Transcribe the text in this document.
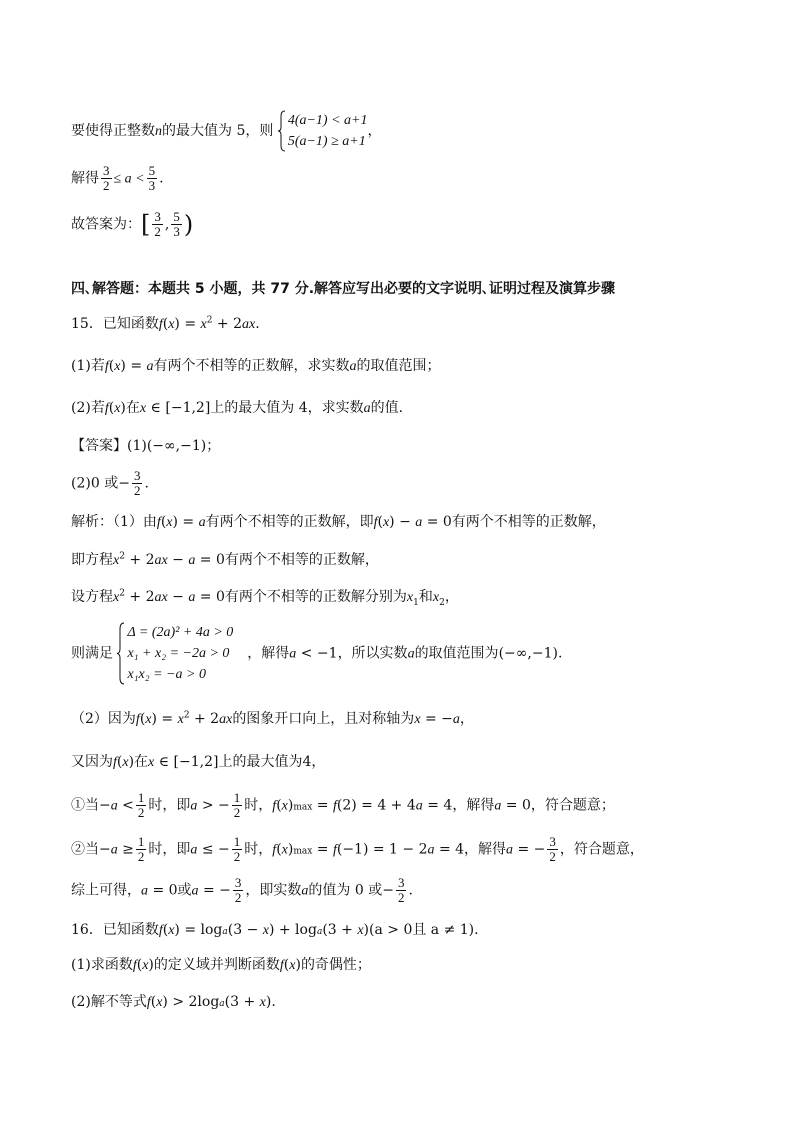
要使得正整数n的最大值为 5，则
4(a−1) < a+1
5(a−1) ≥ a+1
，
解得 $\frac{3}{2} \le a < \frac{5}{3}$ .
故答案为：[ $\frac{3}{2}$ , $\frac{5}{3}$ )
四､解答题：本题共 5 小题，共 77 分.解答应写出必要的文字说明､证明过程及演算步骤
15．已知函数$f(x) = x^2 + 2ax$.
(1)若f(x) = a有两个不相等的正数解，求实数a的取值范围；
(2)若f(x)在x ∈ [−1,2]上的最大值为 4，求实数a的值.
【答案】(1)(−∞,−1)；
(2)0 或− $\frac{3}{2}$ .
解析：（1）由f(x) = a有两个不相等的正数解，即f(x) − a = 0有两个不相等的正数解，
即方程$x^2 + 2ax - a = 0$有两个不相等的正数解，
设方程$x^2 + 2ax - a = 0$有两个不相等的正数解分别为$x_1$和$x_2$，
则满足
Δ = (2a)² + 4a > 0
x₁ + x₂ = −2a > 0
x₁x₂ = −a > 0
，解得a < −1，所以实数a的取值范围为(−∞,−1).
（2）因为$f(x) = x^2 + 2ax$的图象开口向上，且对称轴为x = −a，
又因为f(x)在x ∈ [−1,2]上的最大值为4，
①当$-a < \frac{1}{2}$ 时，即a > − $\frac{1}{2}$ 时，f(x)max = f(2) = 4 + 4a = 4，解得a = 0，符合题意；
②当$-a \ge \frac{1}{2}$ 时，即a ≤ − $\frac{1}{2}$ 时，f(x)max = f(−1) = 1 − 2a = 4，解得a = − $\frac{3}{2}$ ，符合题意，
综上可得，a = 0或a = − $\frac{3}{2}$ ，即实数a的值为 0 或− $\frac{3}{2}$ .
16．已知函数f(x) = loga(3 − x) + loga(3 + x)(a > 0且 a ≠ 1).
(1)求函数f(x)的定义域并判断函数f(x)的奇偶性；
(2)解不等式f(x) > 2loga(3 + x).
